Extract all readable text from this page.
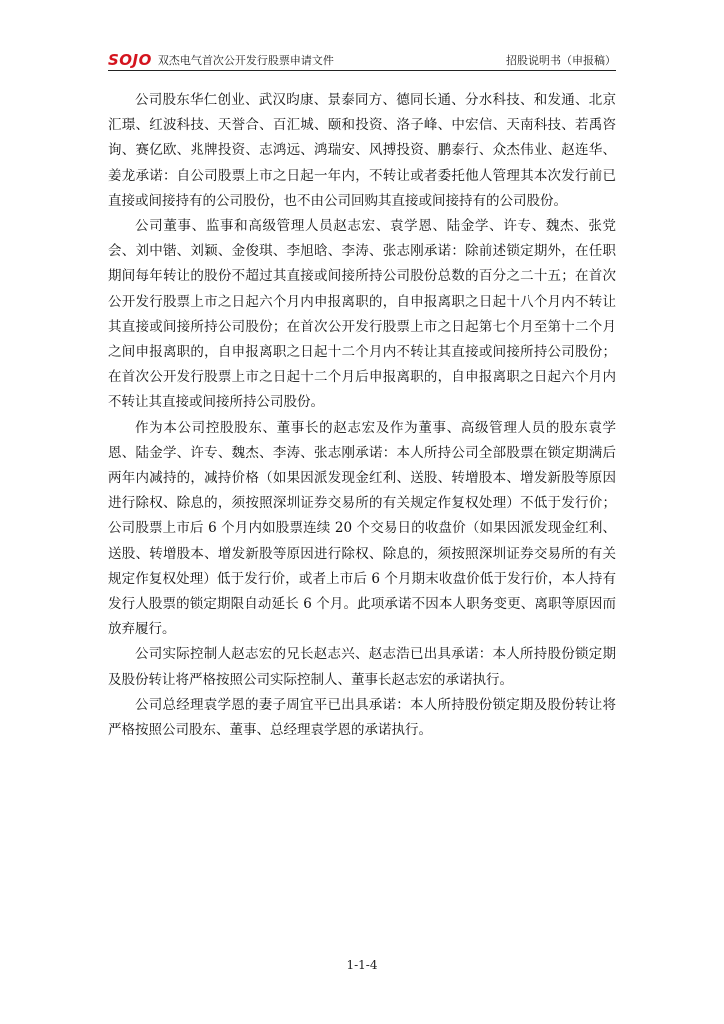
SOJO 双杰电气首次公开发行股票申请文件	招股说明书（申报稿）

公司股东华仁创业、武汉昀康、景泰同方、德同长通、分水科技、和发通、北京汇璟、红波科技、天誉合、百汇城、颐和投资、洛子峰、中宏信、天南科技、若禹咨询、赛亿欧、兆牌投资、志鸿远、鸿瑞安、风搏投资、鹏泰行、众杰伟业、赵连华、姜龙承诺：自公司股票上市之日起一年内，不转让或者委托他人管理其本次发行前已直接或间接持有的公司股份，也不由公司回购其直接或间接持有的公司股份。

公司董事、监事和高级管理人员赵志宏、袁学恩、陆金学、许专、魏杰、张党会、刘中锴、刘颖、金俊琪、李旭晗、李涛、张志刚承诺：除前述锁定期外，在任职期间每年转让的股份不超过其直接或间接所持公司股份总数的百分之二十五；在首次公开发行股票上市之日起六个月内申报离职的，自申报离职之日起十八个月内不转让其直接或间接所持公司股份；在首次公开发行股票上市之日起第七个月至第十二个月之间申报离职的，自申报离职之日起十二个月内不转让其直接或间接所持公司股份；在首次公开发行股票上市之日起十二个月后申报离职的，自申报离职之日起六个月内不转让其直接或间接所持公司股份。

作为本公司控股股东、董事长的赵志宏及作为董事、高级管理人员的股东袁学恩、陆金学、许专、魏杰、李涛、张志刚承诺：本人所持公司全部股票在锁定期满后两年内减持的，减持价格（如果因派发现金红利、送股、转增股本、增发新股等原因进行除权、除息的，须按照深圳证券交易所的有关规定作复权处理）不低于发行价；公司股票上市后 6 个月内如股票连续 20 个交易日的收盘价（如果因派发现金红利、送股、转增股本、增发新股等原因进行除权、除息的，须按照深圳证券交易所的有关规定作复权处理）低于发行价，或者上市后 6 个月期末收盘价低于发行价，本人持有发行人股票的锁定期限自动延长 6 个月。此项承诺不因本人职务变更、离职等原因而放弃履行。

公司实际控制人赵志宏的兄长赵志兴、赵志浩已出具承诺：本人所持股份锁定期及股份转让将严格按照公司实际控制人、董事长赵志宏的承诺执行。

公司总经理袁学恩的妻子周宜平已出具承诺：本人所持股份锁定期及股份转让将严格按照公司股东、董事、总经理袁学恩的承诺执行。

1-1-4
